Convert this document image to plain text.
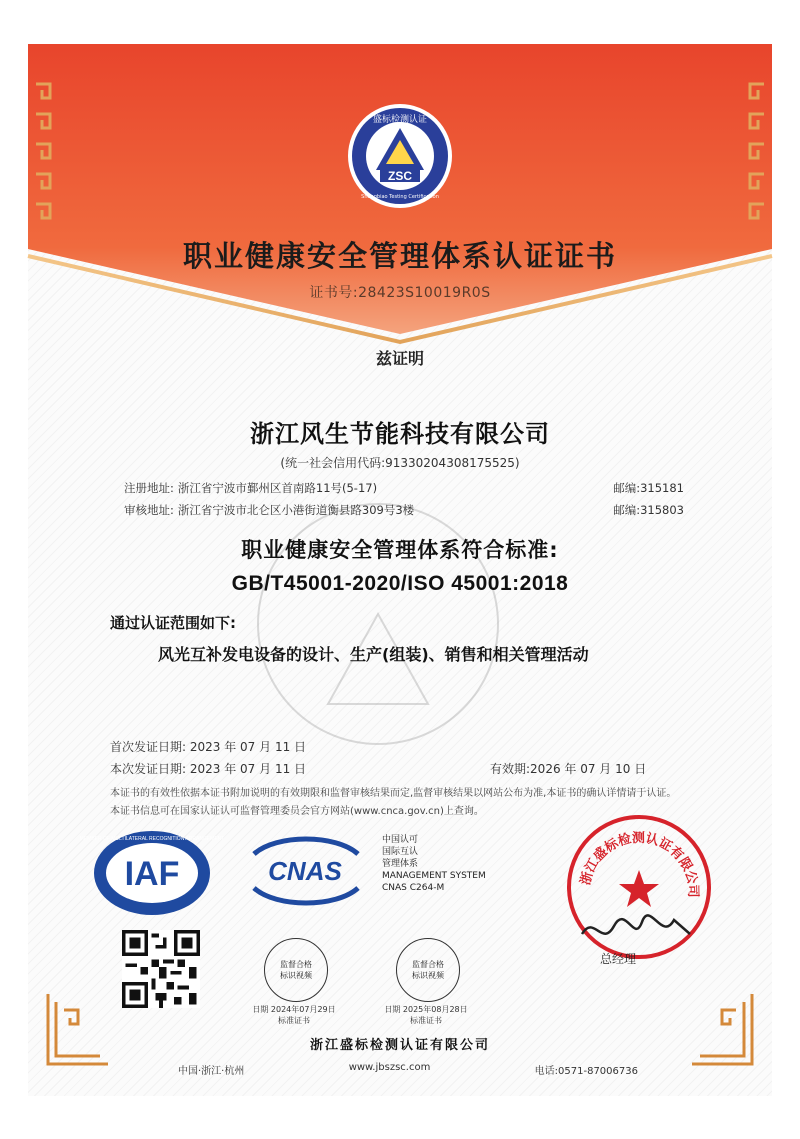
ZSC
盛标检测认证
Shengbiao Testing Certification
职业健康安全管理体系认证证书
证书号:28423S10019R0S
兹证明
浙江风生节能科技有限公司
(统一社会信用代码:91330204308175525)
注册地址: 浙江省宁波市鄞州区首南路11号(5-17)	邮编:315181
审核地址: 浙江省宁波市北仑区小港街道衡县路309号3楼	邮编:315803
职业健康安全管理体系符合标准:
GB/T45001-2020/ISO 45001:2018
通过认证范围如下:
风光互补发电设备的设计、生产(组装)、销售和相关管理活动
首次发证日期: 2023 年 07 月 11 日
本次发证日期: 2023 年 07 月 11 日	有效期:2026 年 07 月 10 日
本证书的有效性依据本证书附加说明的有效期限和监督审核结果而定,监督审核结果以网站公布为准,本证书的确认详情请于认证。
本证书信息可在国家认证认可监督管理委员会官方网站(www.cnca.gov.cn)上查询。
IAF
MEMBER OF MULTILATERAL RECOGNITION ARRANGEMENT
CNAS
中国认可
国际互认
管理体系
MANAGEMENT SYSTEM
CNAS C264-M
浙江盛标检测认证有限公司
总经理
监督合格
标识视频
日期 2024年07月29日
标准证书
监督合格
标识视频
日期 2025年08月28日
标准证书
浙江盛标检测认证有限公司
中国·浙江·杭州	www.jbszsc.com	电话:0571-87006736
